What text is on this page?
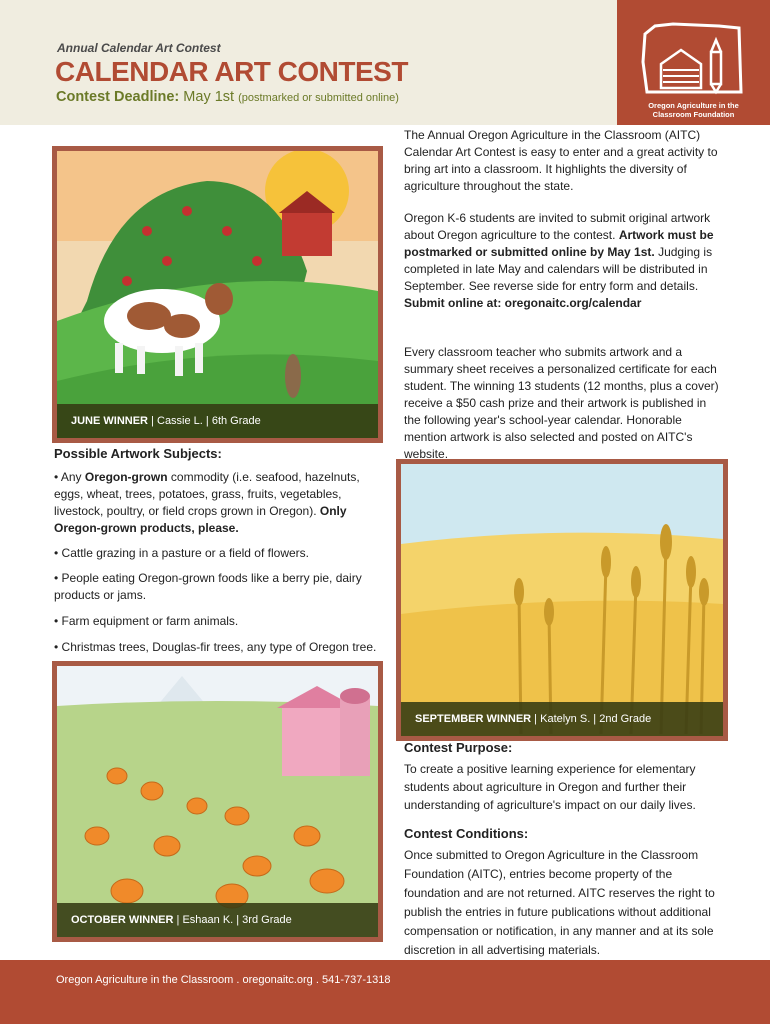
Annual Calendar Art Contest
CALENDAR ART CONTEST
Contest Deadline: May 1st (postmarked or submitted online)
Oregon Agriculture in the
Classroom Foundation
The Annual Oregon Agriculture in the Classroom (AITC) Calendar Art Contest is easy to enter and a great activity to bring art into a classroom. It highlights the diversity of agriculture throughout the state.
Oregon K-6 students are invited to submit original artwork about Oregon agriculture to the contest. Artwork must be postmarked or submitted online by May 1st. Judging is completed in late May and calendars will be distributed in September. See reverse side for entry form and details.
Submit online at: oregonaitc.org/calendar
Every classroom teacher who submits artwork and a summary sheet receives a personalized certificate for each student. The winning 13 students (12 months, plus a cover) receive a $50 cash prize and their artwork is published in the following year's school-year calendar. Honorable mention artwork is also selected and posted on AITC's website.
JUNE WINNER | Cassie L. | 6th Grade
Possible Artwork Subjects:
• Any Oregon-grown commodity (i.e. seafood, hazelnuts, eggs, wheat, trees, potatoes, grass, fruits, vegetables, livestock, poultry, or field crops grown in Oregon). Only Oregon-grown products, please.
• Cattle grazing in a pasture or a field of flowers.
• People eating Oregon-grown foods like a berry pie, dairy products or jams.
• Farm equipment or farm animals.
• Christmas trees, Douglas-fir trees, any type of Oregon tree.
SEPTEMBER WINNER | Katelyn S. | 2nd Grade
OCTOBER WINNER | Eshaan K. | 3rd Grade
Contest Purpose:
To create a positive learning experience for elementary students about agriculture in Oregon and further their understanding of agriculture's impact on our daily lives.
Contest Conditions:
Once submitted to Oregon Agriculture in the Classroom Foundation (AITC), entries become property of the foundation and are not returned. AITC reserves the right to publish the entries in future publications without additional compensation or notification, in any manner and at its sole discretion in all advertising materials.
Oregon Agriculture in the Classroom . oregonaitc.org . 541-737-1318
